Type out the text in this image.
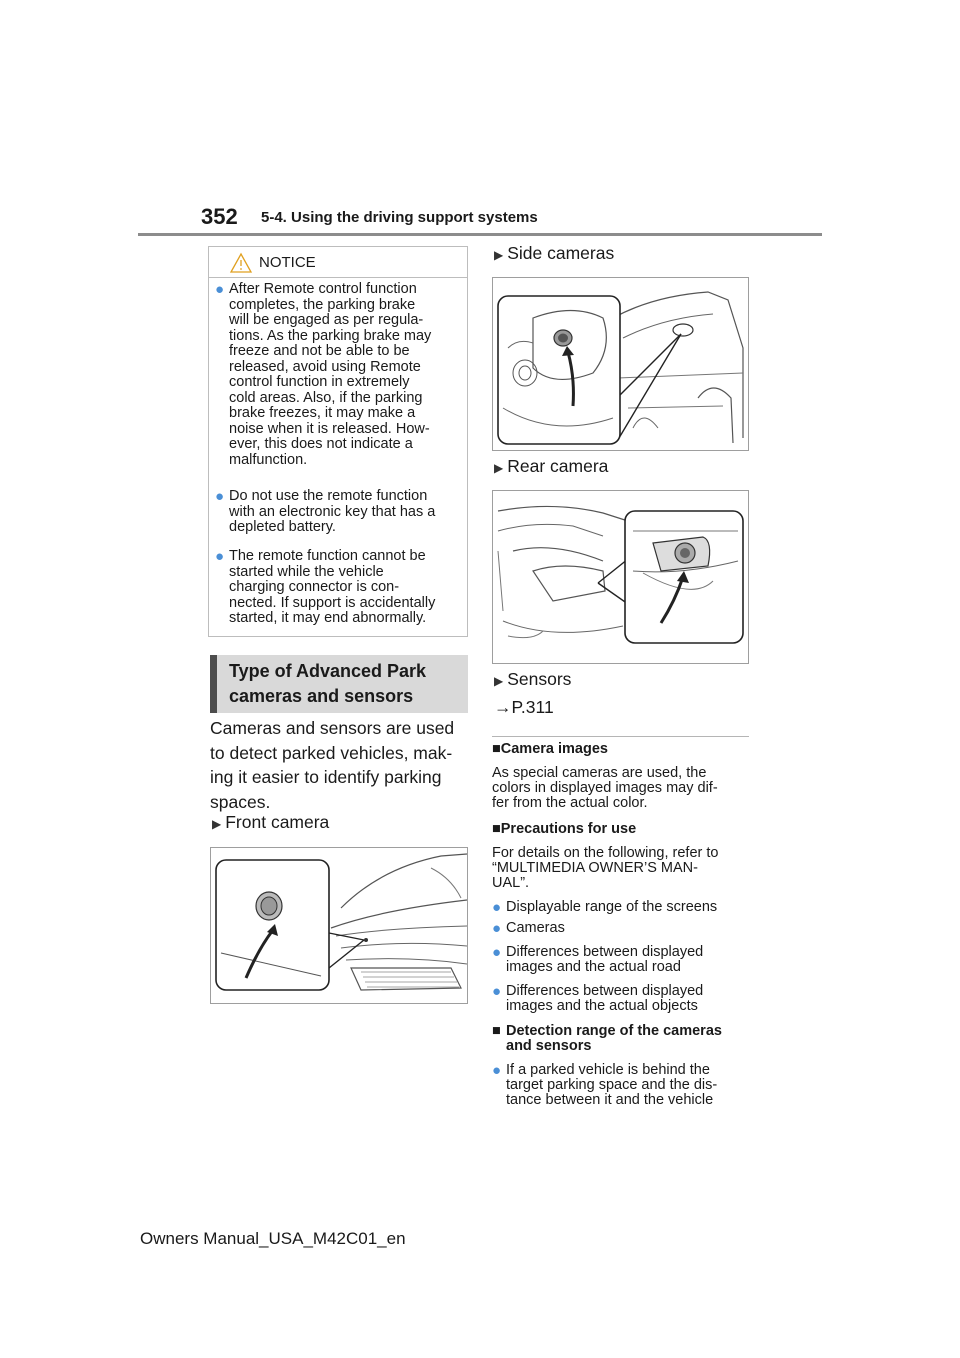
352 5-4. Using the driving support systems
NOTICE
● After Remote control function
completes, the parking brake
will be engaged as per regula-
tions. As the parking brake may
freeze and not be able to be
released, avoid using Remote
control function in extremely
cold areas. Also, if the parking
brake freezes, it may make a
noise when it is released. How-
ever, this does not indicate a
malfunction.
● Do not use the remote function
with an electronic key that has a
depleted battery.
● The remote function cannot be
started while the vehicle
charging connector is con-
nected. If support is accidentally
started, it may end abnormally.
Type of Advanced Park
cameras and sensors
Cameras and sensors are used
to detect parked vehicles, mak-
ing it easier to identify parking
spaces.
▶ Front camera
▶ Side cameras
▶ Rear camera
▶ Sensors
→P.311
■Camera images
As special cameras are used, the
colors in displayed images may dif-
fer from the actual color.
■Precautions for use
For details on the following, refer to
“MULTIMEDIA OWNER’S MAN-
UAL”.
● Displayable range of the screens
● Cameras
● Differences between displayed
images and the actual road
● Differences between displayed
images and the actual objects
■ Detection range of the cameras
and sensors
● If a parked vehicle is behind the
target parking space and the dis-
tance between it and the vehicle
Owners Manual_USA_M42C01_en
